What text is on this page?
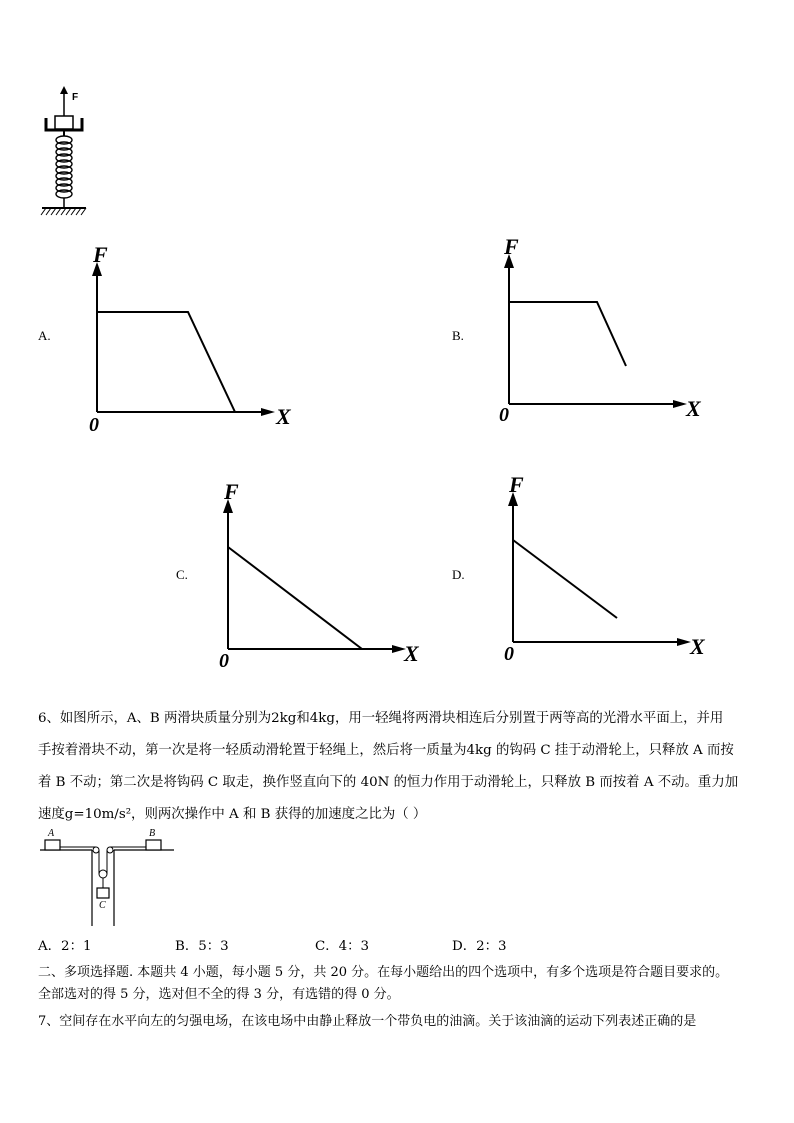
F
A.
F
X
0
B.
F
X
0
C.
F
X
0
D.
F
X
0
6、如图所示，A、B 两滑块质量分别为2kg和4kg，用一轻绳将两滑块相连后分别置于两等高的光滑水平面上，并用
手按着滑块不动，第一次是将一轻质动滑轮置于轻绳上，然后将一质量为4kg 的钩码 C 挂于动滑轮上，只释放 A 而按
着 B 不动；第二次是将钩码 C 取走，换作竖直向下的 40N 的恒力作用于动滑轮上，只释放 B 而按着 A 不动。重力加
速度g=10m/s²，则两次操作中 A 和 B 获得的加速度之比为（ ）
A	B
C
A．2：1	B．5：3	C．4：3	D．2：3
二、多项选择题. 本题共 4 小题，每小题 5 分，共 20 分。在每小题给出的四个选项中，有多个选项是符合题目要求的。
全部选对的得 5 分，选对但不全的得 3 分，有选错的得 0 分。
7、空间存在水平向左的匀强电场，在该电场中由静止释放一个带负电的油滴。关于该油滴的运动下列表述正确的是
